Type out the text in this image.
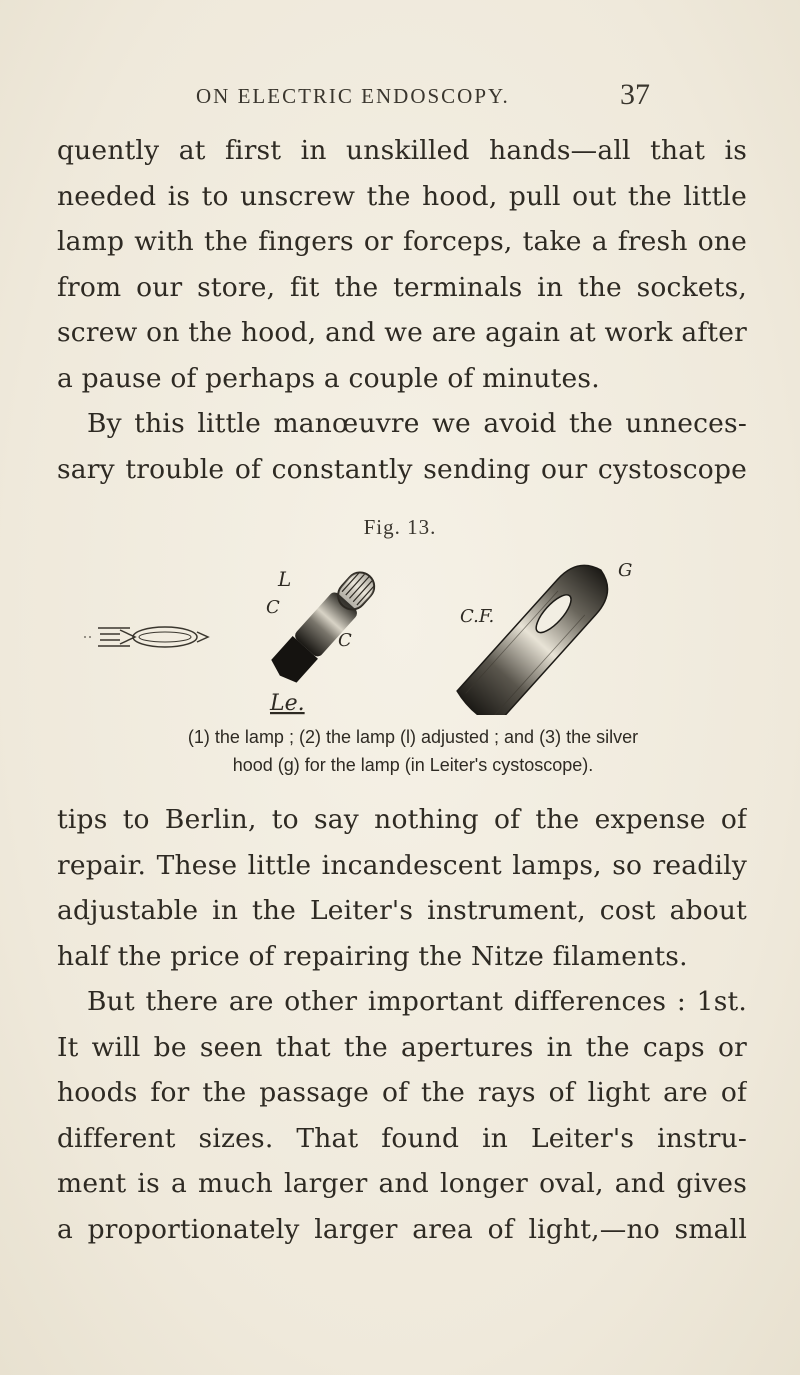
ON ELECTRIC ENDOSCOPY.	37
quently at first in unskilled hands—all that is
needed is to unscrew the hood, pull out the little
lamp with the fingers or forceps, take a fresh one
from our store, fit the terminals in the sockets,
screw on the hood, and we are again at work after
a pause of perhaps a couple of minutes.
By this little manœuvre we avoid the unneces-
sary trouble of constantly sending our cystoscope
Fig. 13.
L
C
C
Le.
C.F.
G
(1) the lamp ; (2) the lamp (l) adjusted ; and (3) the silver
hood (g) for the lamp (in Leiter's cystoscope).
tips to Berlin, to say nothing of the expense of
repair. These little incandescent lamps, so readily
adjustable in the Leiter's instrument, cost about
half the price of repairing the Nitze filaments.
But there are other important differences : 1st.
It will be seen that the apertures in the caps or
hoods for the passage of the rays of light are of
different sizes. That found in Leiter's instru-
ment is a much larger and longer oval, and gives
a proportionately larger area of light,—no small
